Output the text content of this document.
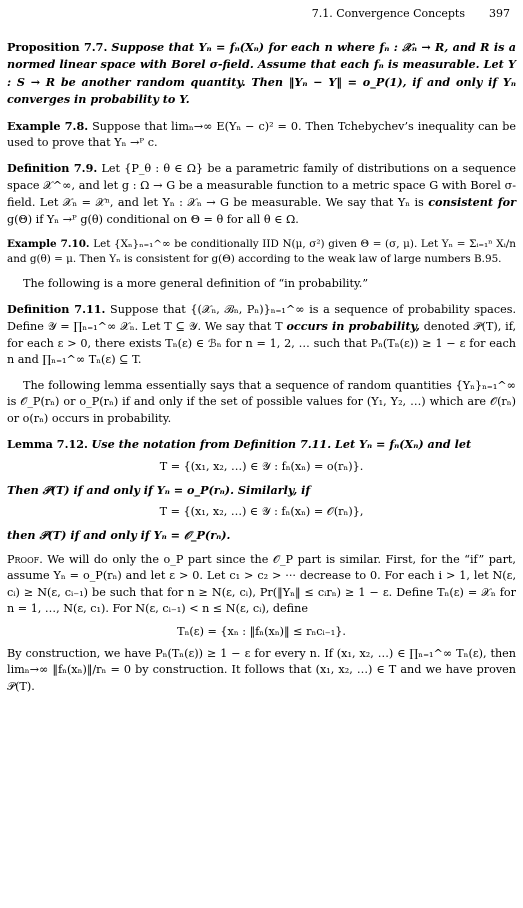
7.1. Convergence Concepts 397

Proposition 7.7. Suppose that Yₙ = fₙ(Xₙ) for each n where fₙ : 𝒳ₙ → R, and R is a normed linear space with Borel σ-field. Assume that each fₙ is measurable. Let Y : S → R be another random quantity. Then ‖Yₙ − Y‖ = o_P(1), if and only if Yₙ converges in probability to Y.

Example 7.8. Suppose that limₙ→∞ E(Yₙ − c)² = 0. Then Tchebychev’s inequality can be used to prove that Yₙ →ᴾ c.

Definition 7.9. Let {P_θ : θ ∈ Ω} be a parametric family of distributions on a sequence space 𝒳^∞, and let g : Ω → G be a measurable function to a metric space G with Borel σ-field. Let 𝒳ₙ = 𝒳ⁿ, and let Yₙ : 𝒳ₙ → G be measurable. We say that Yₙ is consistent for g(Θ) if Yₙ →ᴾ g(θ) conditional on Θ = θ for all θ ∈ Ω.

Example 7.10. Let {Xₙ}ₙ₌₁^∞ be conditionally IID N(μ, σ²) given Θ = (σ, μ). Let Yₙ = Σᵢ₌₁ⁿ Xᵢ/n and g(θ) = μ. Then Yₙ is consistent for g(Θ) according to the weak law of large numbers B.95.

The following is a more general definition of “in probability.”

Definition 7.11. Suppose that {(𝒳ₙ, ℬₙ, Pₙ)}ₙ₌₁^∞ is a sequence of probability spaces. Define 𝒴 = ∏ₙ₌₁^∞ 𝒳ₙ. Let T ⊆ 𝒴. We say that T occurs in probability, denoted 𝒫(T), if, for each ε > 0, there exists Tₙ(ε) ∈ ℬₙ for n = 1, 2, … such that Pₙ(Tₙ(ε)) ≥ 1 − ε for each n and ∏ₙ₌₁^∞ Tₙ(ε) ⊆ T.

The following lemma essentially says that a sequence of random quantities {Yₙ}ₙ₌₁^∞ is 𝒪_P(rₙ) or o_P(rₙ) if and only if the set of possible values for (Y₁, Y₂, …) which are 𝒪(rₙ) or o(rₙ) occurs in probability.

Lemma 7.12. Use the notation from Definition 7.11. Let Yₙ = fₙ(Xₙ) and let

T = {(x₁, x₂, …) ∈ 𝒴 : fₙ(xₙ) = o(rₙ)}.

Then 𝒫(T) if and only if Yₙ = o_P(rₙ). Similarly, if

T = {(x₁, x₂, …) ∈ 𝒴 : fₙ(xₙ) = 𝒪(rₙ)},

then 𝒫(T) if and only if Yₙ = 𝒪_P(rₙ).

Proof. We will do only the o_P part since the 𝒪_P part is similar. First, for the “if” part, assume Yₙ = o_P(rₙ) and let ε > 0. Let c₁ > c₂ > ··· decrease to 0. For each i > 1, let N(ε, cᵢ) ≥ N(ε, cᵢ₋₁) be such that for n ≥ N(ε, cᵢ), Pr(‖Yₙ‖ ≤ cᵢrₙ) ≥ 1 − ε. Define Tₙ(ε) = 𝒳ₙ for n = 1, …, N(ε, c₁). For N(ε, cᵢ₋₁) < n ≤ N(ε, cᵢ), define

Tₙ(ε) = {xₙ : ‖fₙ(xₙ)‖ ≤ rₙcᵢ₋₁}.

By construction, we have Pₙ(Tₙ(ε)) ≥ 1 − ε for every n. If (x₁, x₂, …) ∈ ∏ₙ₌₁^∞ Tₙ(ε), then limₙ→∞ ‖fₙ(xₙ)‖/rₙ = 0 by construction. It follows that (x₁, x₂, …) ∈ T and we have proven 𝒫(T).
